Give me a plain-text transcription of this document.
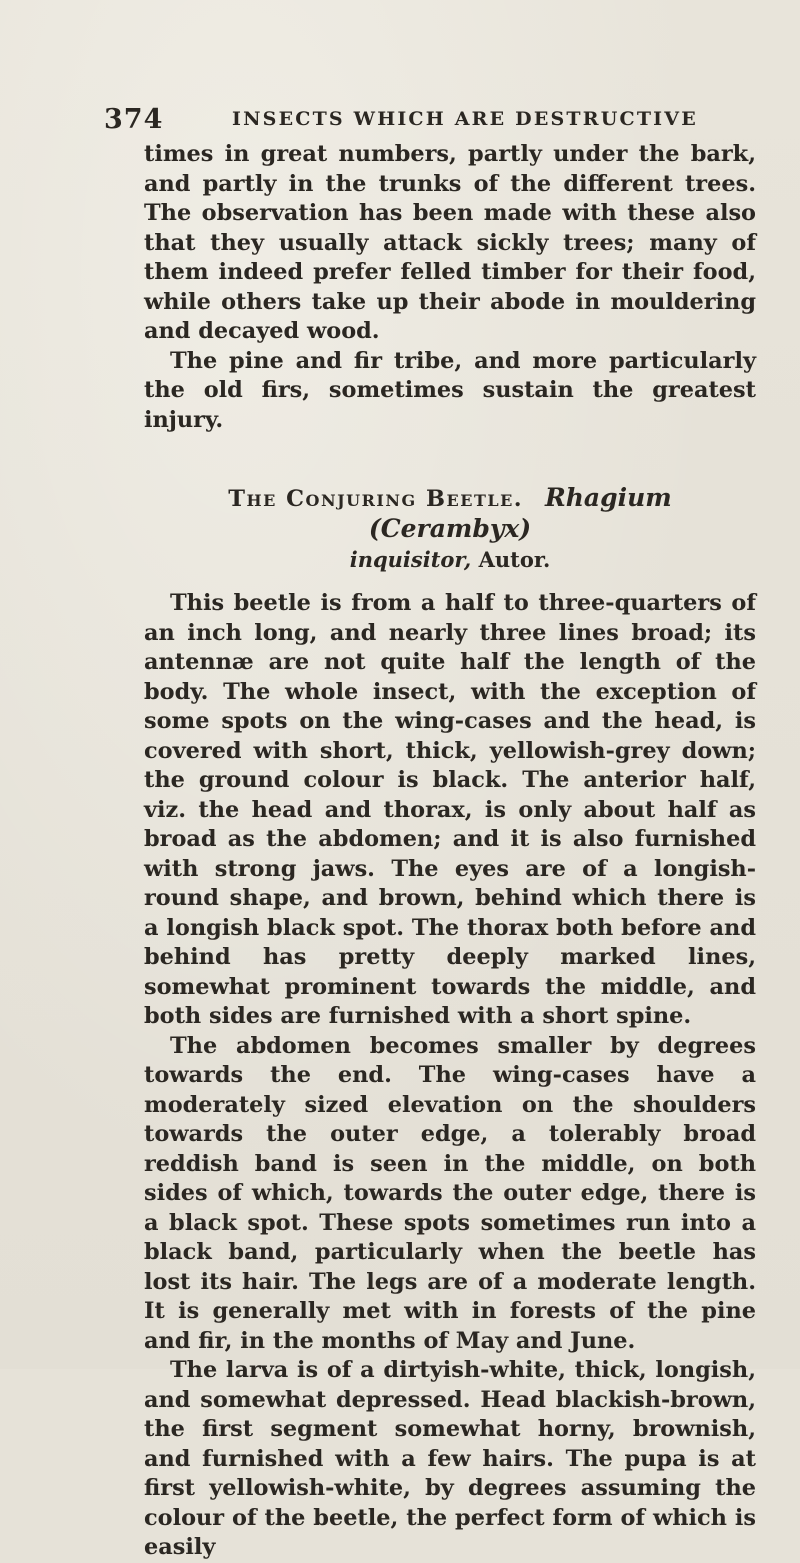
374	INSECTS WHICH ARE DESTRUCTIVE

times in great numbers, partly under the bark, and partly in the trunks of the different trees. The observation has been made with these also that they usually attack sickly trees; many of them indeed prefer felled timber for their food, while others take up their abode in mouldering and decayed wood.

The pine and fir tribe, and more particularly the old firs, sometimes sustain the greatest injury.

The Conjuring Beetle. Rhagium (Cerambyx)
inquisitor, Autor.

This beetle is from a half to three-quarters of an inch long, and nearly three lines broad; its antennæ are not quite half the length of the body. The whole insect, with the exception of some spots on the wing-cases and the head, is covered with short, thick, yellowish-grey down; the ground colour is black. The anterior half, viz. the head and thorax, is only about half as broad as the abdomen; and it is also furnished with strong jaws. The eyes are of a longish-round shape, and brown, behind which there is a longish black spot. The thorax both before and behind has pretty deeply marked lines, somewhat prominent towards the middle, and both sides are furnished with a short spine.

The abdomen becomes smaller by degrees towards the end. The wing-cases have a moderately sized elevation on the shoulders towards the outer edge, a tolerably broad reddish band is seen in the middle, on both sides of which, towards the outer edge, there is a black spot. These spots sometimes run into a black band, particularly when the beetle has lost its hair. The legs are of a moderate length. It is generally met with in forests of the pine and fir, in the months of May and June.

The larva is of a dirtyish-white, thick, longish, and somewhat depressed. Head blackish-brown, the first segment somewhat horny, brownish, and furnished with a few hairs. The pupa is at first yellowish-white, by degrees assuming the colour of the beetle, the perfect form of which is easily
